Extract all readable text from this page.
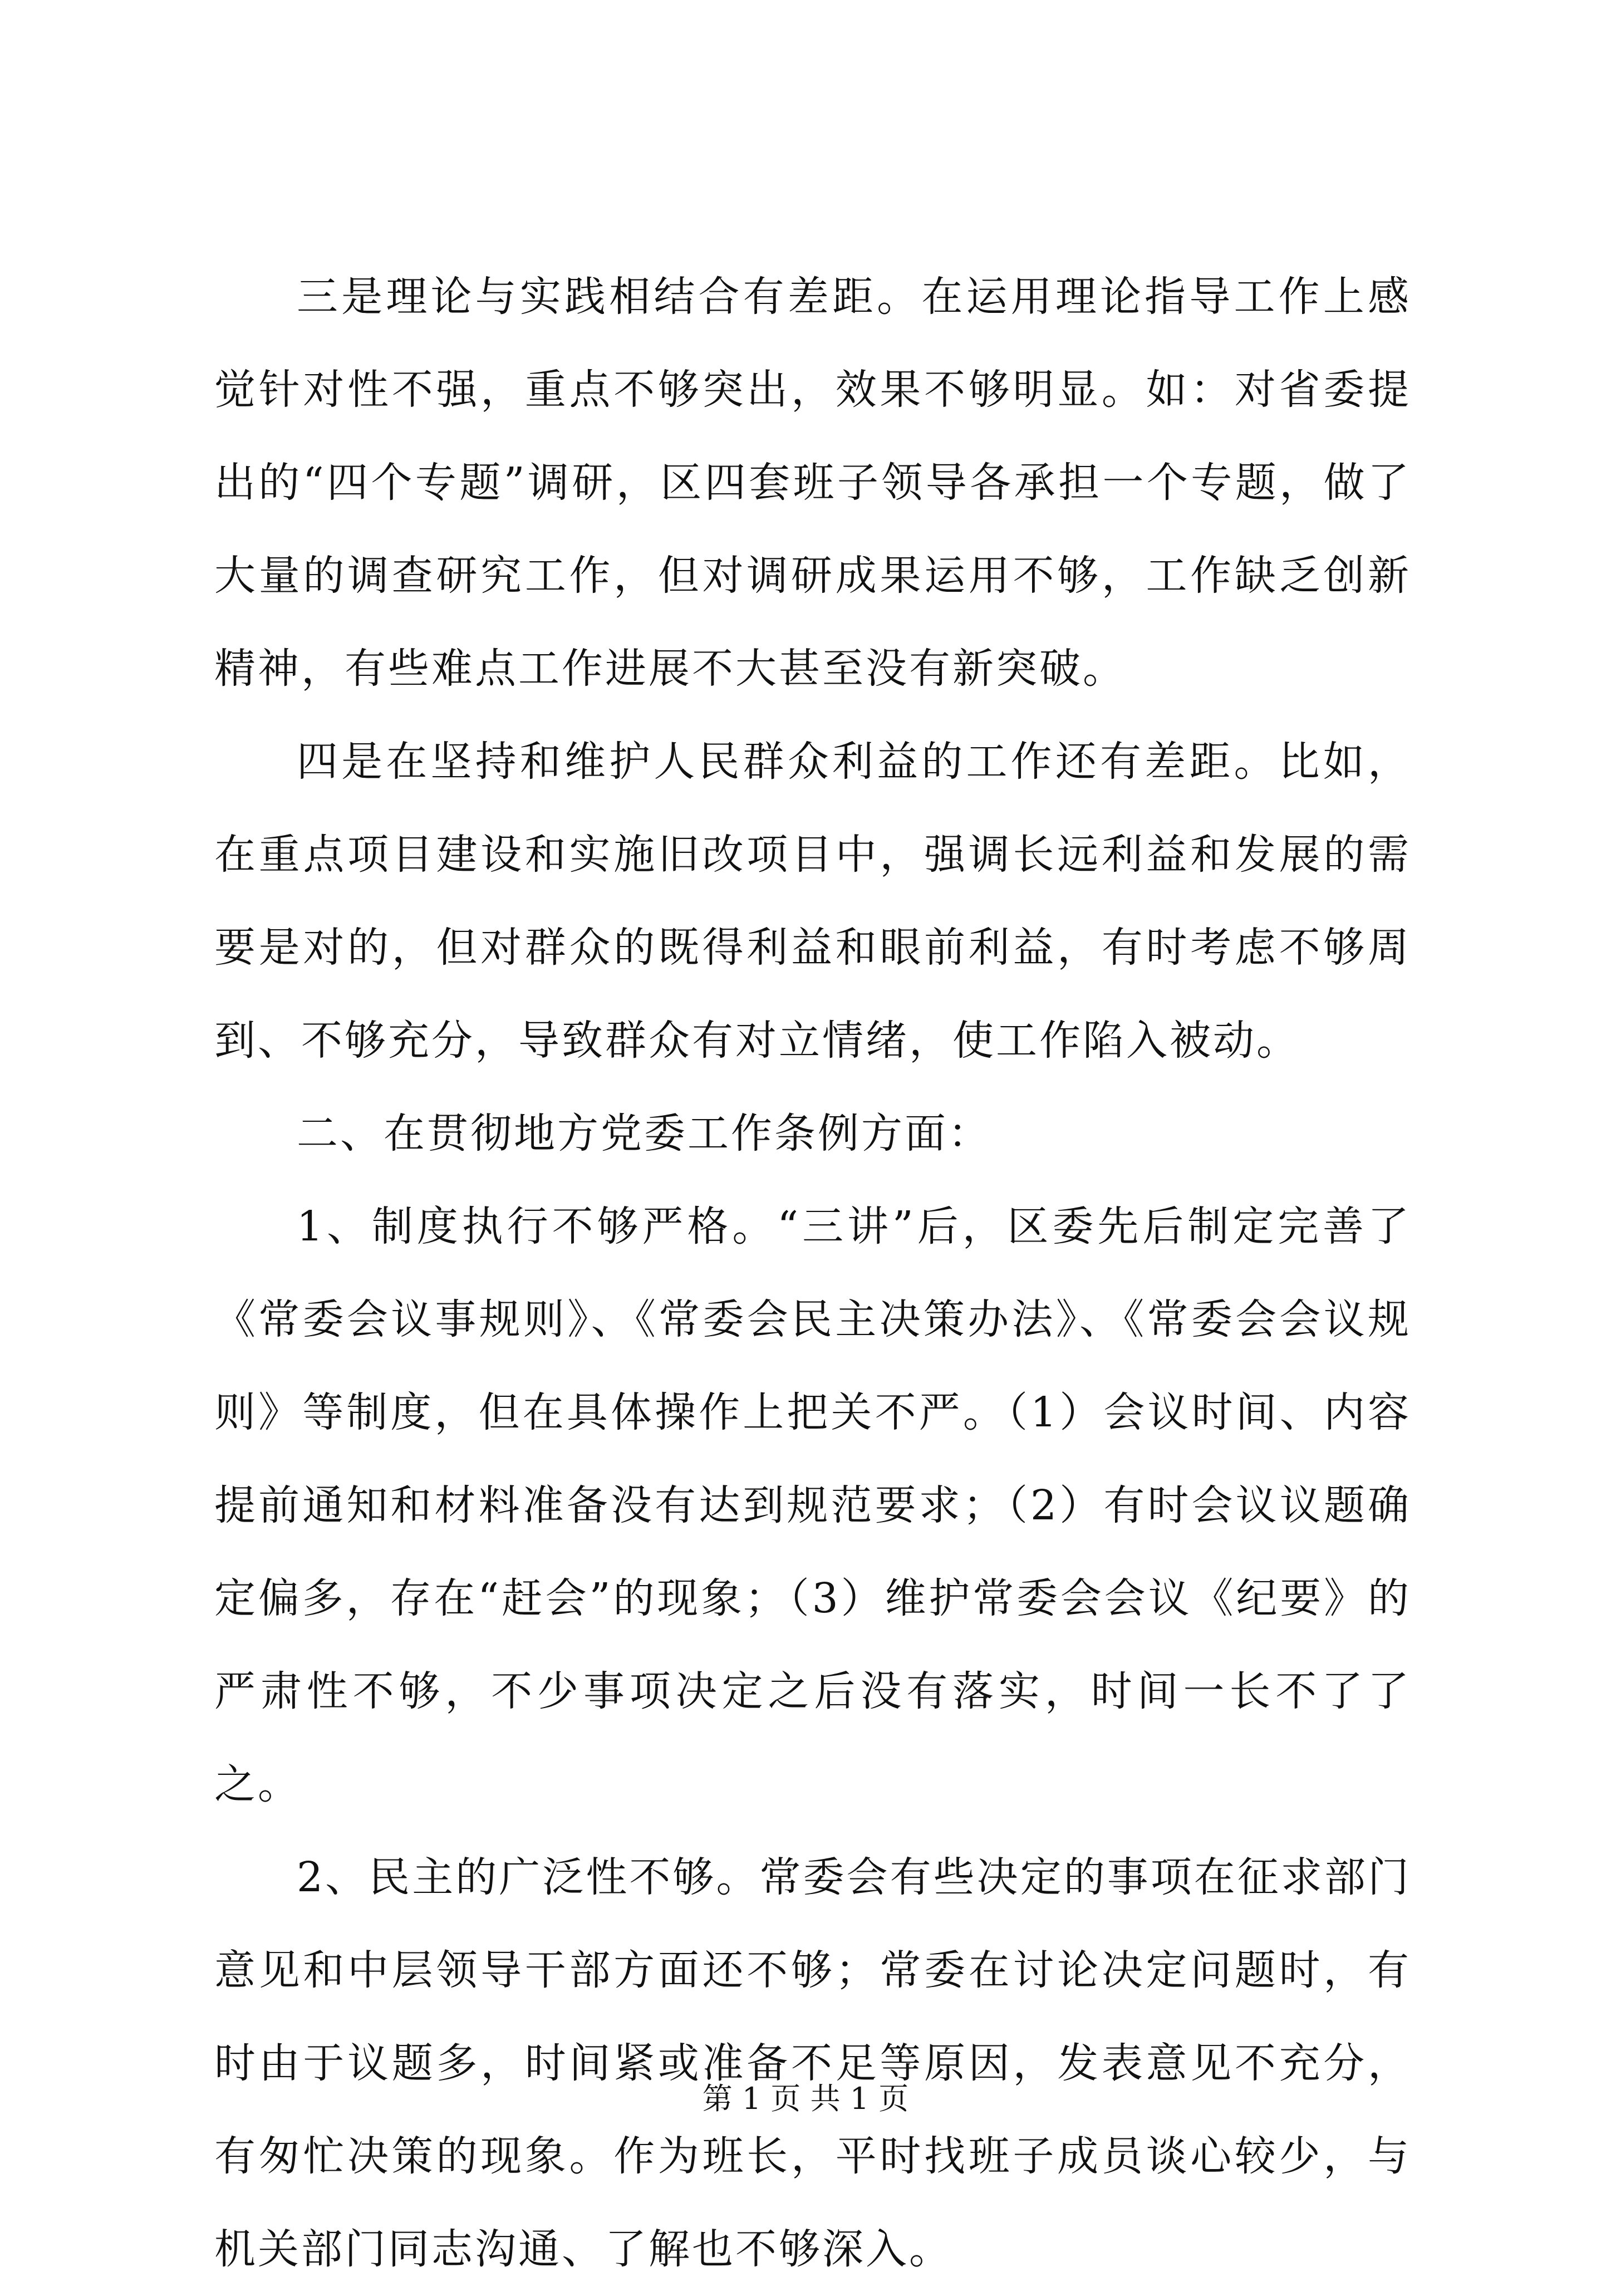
三是理论与实践相结合有差距。在运用理论指导工作上感觉针对性不强，重点不够突出，效果不够明显。如：对省委提出的“四个专题”调研，区四套班子领导各承担一个专题，做了大量的调查研究工作，但对调研成果运用不够，工作缺乏创新精神，有些难点工作进展不大甚至没有新突破。

四是在坚持和维护人民群众利益的工作还有差距。比如，在重点项目建设和实施旧改项目中，强调长远利益和发展的需要是对的，但对群众的既得利益和眼前利益，有时考虑不够周到、不够充分，导致群众有对立情绪，使工作陷入被动。

二、在贯彻地方党委工作条例方面：

1、制度执行不够严格。“三讲”后，区委先后制定完善了《常委会议事规则》、《常委会民主决策办法》、《常委会会议规则》等制度，但在具体操作上把关不严。（1）会议时间、内容提前通知和材料准备没有达到规范要求；（2）有时会议议题确定偏多，存在“赶会”的现象；（3）维护常委会会议《纪要》的严肃性不够，不少事项决定之后没有落实，时间一长不了了之。

2、民主的广泛性不够。常委会有些决定的事项在征求部门意见和中层领导干部方面还不够；常委在讨论决定问题时，有时由于议题多，时间紧或准备不足等原因，发表意见不充分，有匆忙决策的现象。作为班长，平时找班子成员谈心较少，与机关部门同志沟通、了解也不够深入。

第 1 页 共 1 页
